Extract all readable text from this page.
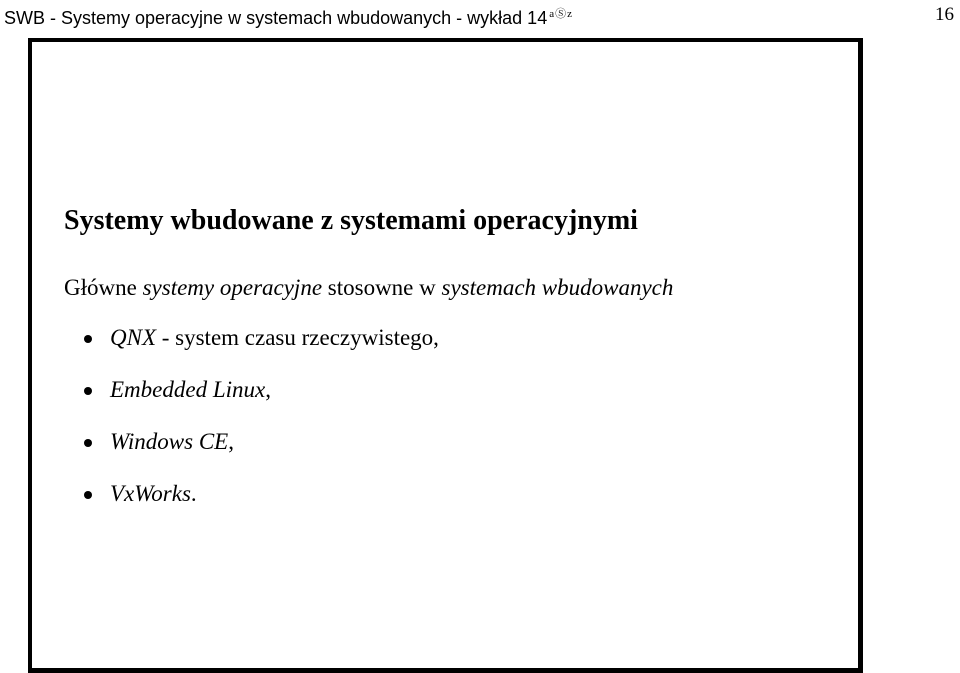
SWB - Systemy operacyjne w systemach wbudowanych - wykład 14 $^{aⓈz}$	16
Systemy wbudowane z systemami operacyjnymi

Główne systemy operacyjne stosowne w systemach wbudowanych

QNX - system czasu rzeczywistego,
Embedded Linux,
Windows CE,
VxWorks.
